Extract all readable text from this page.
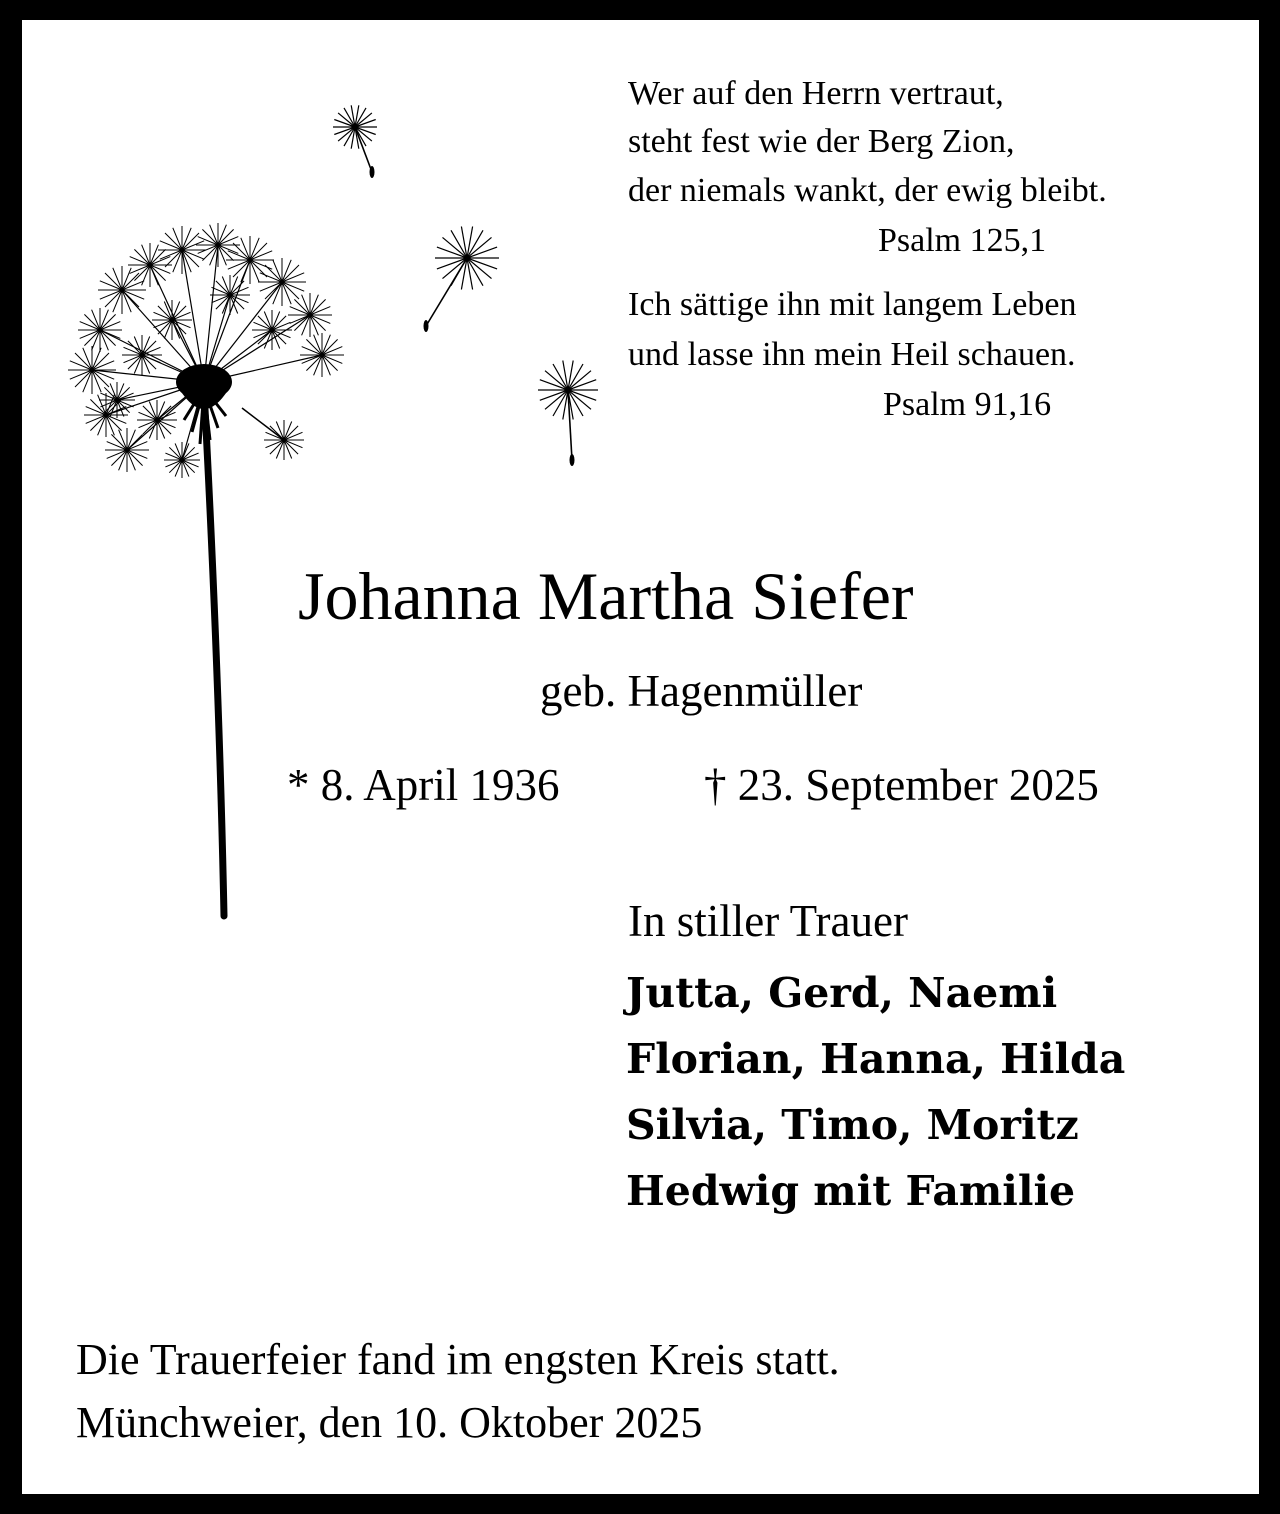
Wer auf den Herrn vertraut,
steht fest wie der Berg Zion,
der niemals wankt, der ewig bleibt.
Psalm 125,1
Ich sättige ihn mit langem Leben
und lasse ihn mein Heil schauen.
Psalm 91,16
Johanna Martha Siefer
geb. Hagenmüller
* 8. April 1936	† 23. September 2025
In stiller Trauer
Jutta, Gerd, Naemi
Florian, Hanna, Hilda
Silvia, Timo, Moritz
Hedwig mit Familie
Die Trauerfeier fand im engsten Kreis statt.
Münchweier, den 10. Oktober 2025
